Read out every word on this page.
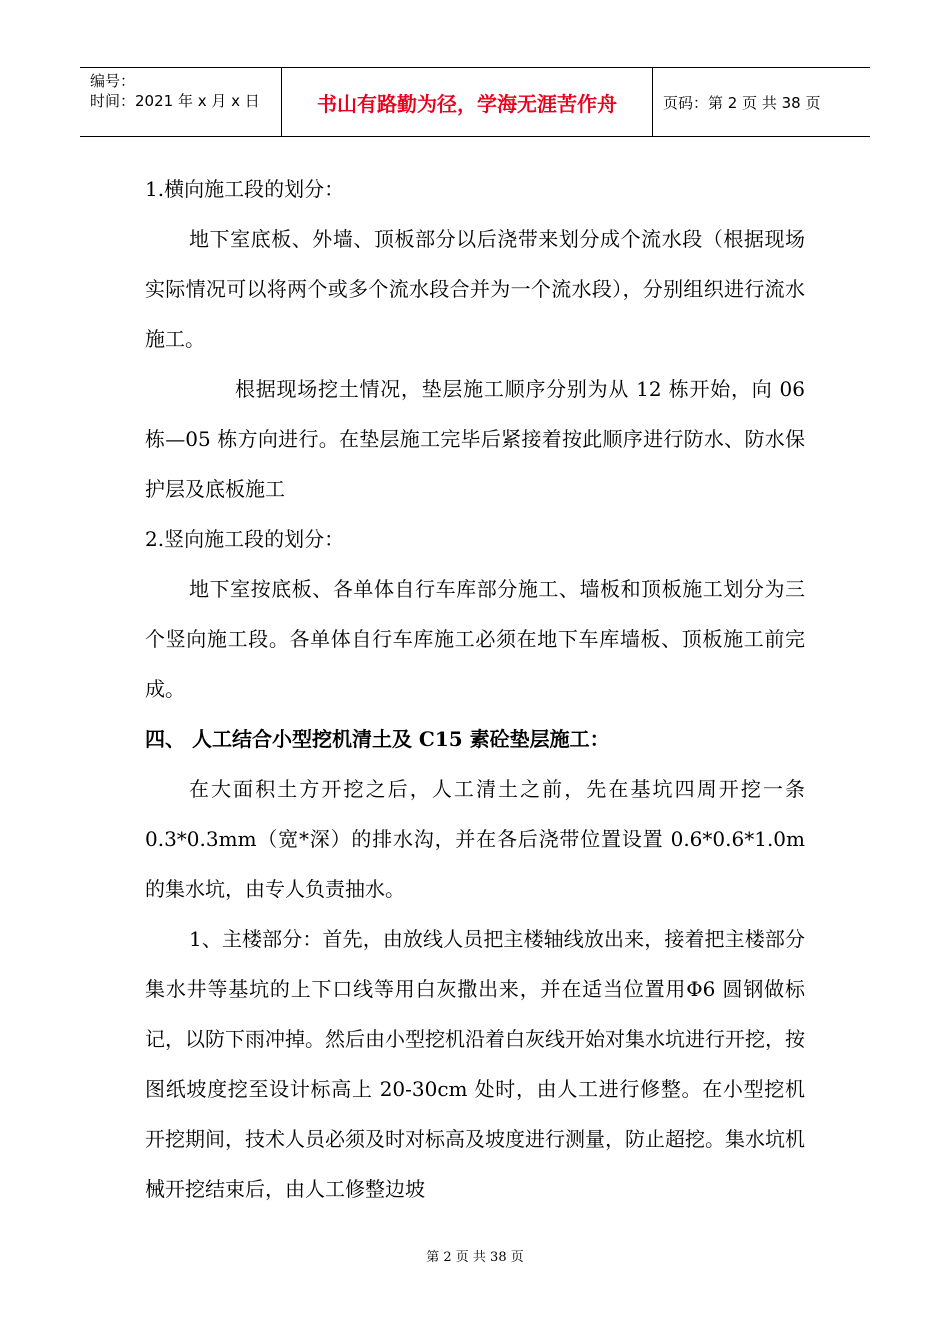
编号：
时间：2021 年 x 月 x 日	书山有路勤为径，学海无涯苦作舟	页码：第 2 页 共 38 页

1.横向施工段的划分：

地下室底板、外墙、顶板部分以后浇带来划分成个流水段（根据现场实际情况可以将两个或多个流水段合并为一个流水段），分别组织进行流水施工。

根据现场挖土情况，垫层施工顺序分别为从 12 栋开始，向 06 栋—05 栋方向进行。在垫层施工完毕后紧接着按此顺序进行防水、防水保护层及底板施工

2.竖向施工段的划分：

地下室按底板、各单体自行车库部分施工、墙板和顶板施工划分为三个竖向施工段。各单体自行车库施工必须在地下车库墙板、顶板施工前完成。

四、 人工结合小型挖机清土及 C15 素砼垫层施工：

在大面积土方开挖之后，人工清土之前，先在基坑四周开挖一条 0.3*0.3mm（宽*深）的排水沟，并在各后浇带位置设置 0.6*0.6*1.0m 的集水坑，由专人负责抽水。

1、主楼部分：首先，由放线人员把主楼轴线放出来，接着把主楼部分集水井等基坑的上下口线等用白灰撒出来，并在适当位置用Φ6 圆钢做标记，以防下雨冲掉。然后由小型挖机沿着白灰线开始对集水坑进行开挖，按图纸坡度挖至设计标高上 20-30cm 处时，由人工进行修整。在小型挖机开挖期间，技术人员必须及时对标高及坡度进行测量，防止超挖。集水坑机械开挖结束后，由人工修整边坡

第 2 页 共 38 页
